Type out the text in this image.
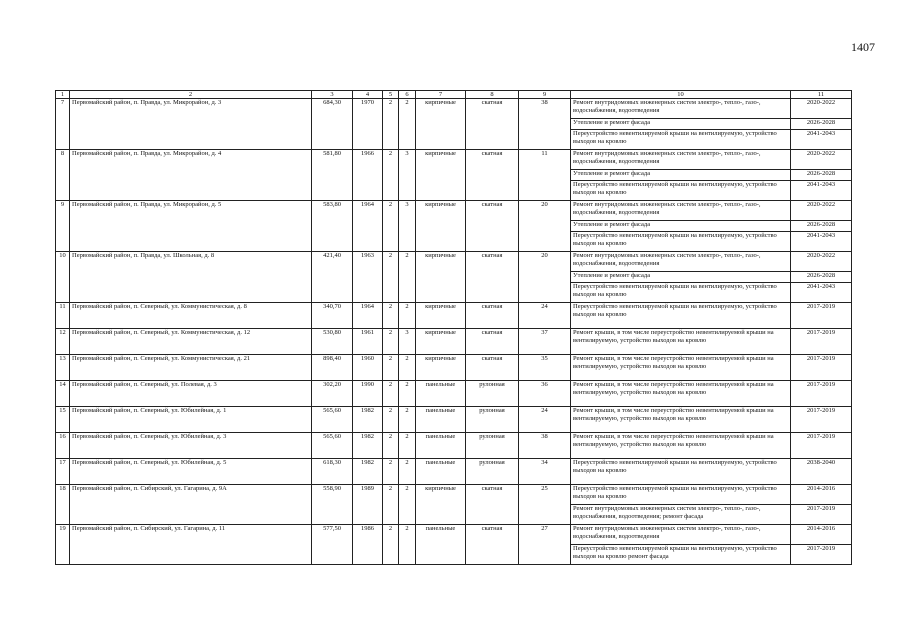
1407
1	2	3	4	5	6	7	8	9	10	11
7	Первомайский район, п. Правда, ул. Микрорайон, д. 3	684,30	1970	2	2	кирпичные	скатная	38	Ремонт внутридомовых инженерных систем электро-, тепло-, газо-, водоснабжения, водоотведения	2020-2022
									Утепление и ремонт фасада	2026-2028
									Переустройство невентилируемой крыши на вентилируемую, устройство выходов на кровлю	2041-2043
8	Первомайский район, п. Правда, ул. Микрорайон, д. 4	581,80	1966	2	3	кирпичные	скатная	11	Ремонт внутридомовых инженерных систем электро-, тепло-, газо-, водоснабжения, водоотведения	2020-2022
									Утепление и ремонт фасада	2026-2028
									Переустройство невентилируемой крыши на вентилируемую, устройство выходов на кровлю	2041-2043
9	Первомайский район, п. Правда, ул. Микрорайон, д. 5	583,80	1964	2	3	кирпичные	скатная	20	Ремонт внутридомовых инженерных систем электро-, тепло-, газо-, водоснабжения, водоотведения	2020-2022
									Утепление и ремонт фасада	2026-2028
									Переустройство невентилируемой крыши на вентилируемую, устройство выходов на кровлю	2041-2043
10	Первомайский район, п. Правда, ул. Школьная, д. 8	421,40	1963	2	2	кирпичные	скатная	20	Ремонт внутридомовых инженерных систем электро-, тепло-, газо-, водоснабжения, водоотведения	2020-2022
									Утепление и ремонт фасада	2026-2028
									Переустройство невентилируемой крыши на вентилируемую, устройство выходов на кровлю	2041-2043
11	Первомайский район, п. Северный, ул. Коммунистическая, д. 8	340,70	1964	2	2	кирпичные	скатная	24	Переустройство невентилируемой крыши на вентилируемую, устройство выходов на кровлю	2017-2019
12	Первомайский район, п. Северный, ул. Коммунистическая, д. 12	530,80	1961	2	3	кирпичные	скатная	37	Ремонт крыши, в том числе переустройство невентилируемой крыши на вентилируемую, устройство выходов на кровлю	2017-2019
13	Первомайский район, п. Северный, ул. Коммунистическая, д. 21	898,40	1960	2	2	кирпичные	скатная	35	Ремонт крыши, в том числе переустройство невентилируемой крыши на вентилируемую, устройство выходов на кровлю	2017-2019
14	Первомайский район, п. Северный, ул. Полевая, д. 3	302,20	1990	2	2	панельные	рулонная	36	Ремонт крыши, в том числе переустройство невентилируемой крыши на вентилируемую, устройство выходов на кровлю	2017-2019
15	Первомайский район, п. Северный, ул. Юбилейная, д. 1	565,60	1982	2	2	панельные	рулонная	24	Ремонт крыши, в том числе переустройство невентилируемой крыши на вентилируемую, устройство выходов на кровлю	2017-2019
16	Первомайский район, п. Северный, ул. Юбилейная, д. 3	565,60	1982	2	2	панельные	рулонная	38	Ремонт крыши, в том числе переустройство невентилируемой крыши на вентилируемую, устройство выходов на кровлю	2017-2019
17	Первомайский район, п. Северный, ул. Юбилейная, д. 5	618,30	1982	2	2	панельные	рулонная	34	Переустройство невентилируемой крыши на вентилируемую, устройство выходов на кровлю	2038-2040
18	Первомайский район, п. Сибирский, ул. Гагарина, д. 9А	558,90	1989	2	2	кирпичные	скатная	25	Переустройство невентилируемой крыши на вентилируемую, устройство выходов на кровлю	2014-2016
									Ремонт внутридомовых инженерных систем электро-, тепло-, газо-, водоснабжения, водоотведения; ремонт фасада	2017-2019
19	Первомайский район, п. Сибирский, ул. Гагарина, д. 11	577,50	1986	2	2	панельные	скатная	27	Ремонт внутридомовых инженерных систем электро-, тепло-, газо-, водоснабжения, водоотведения	2014-2016
									Переустройство невентилируемой крыши на вентилируемую, устройство выходов на кровлю ремонт фасада	2017-2019
